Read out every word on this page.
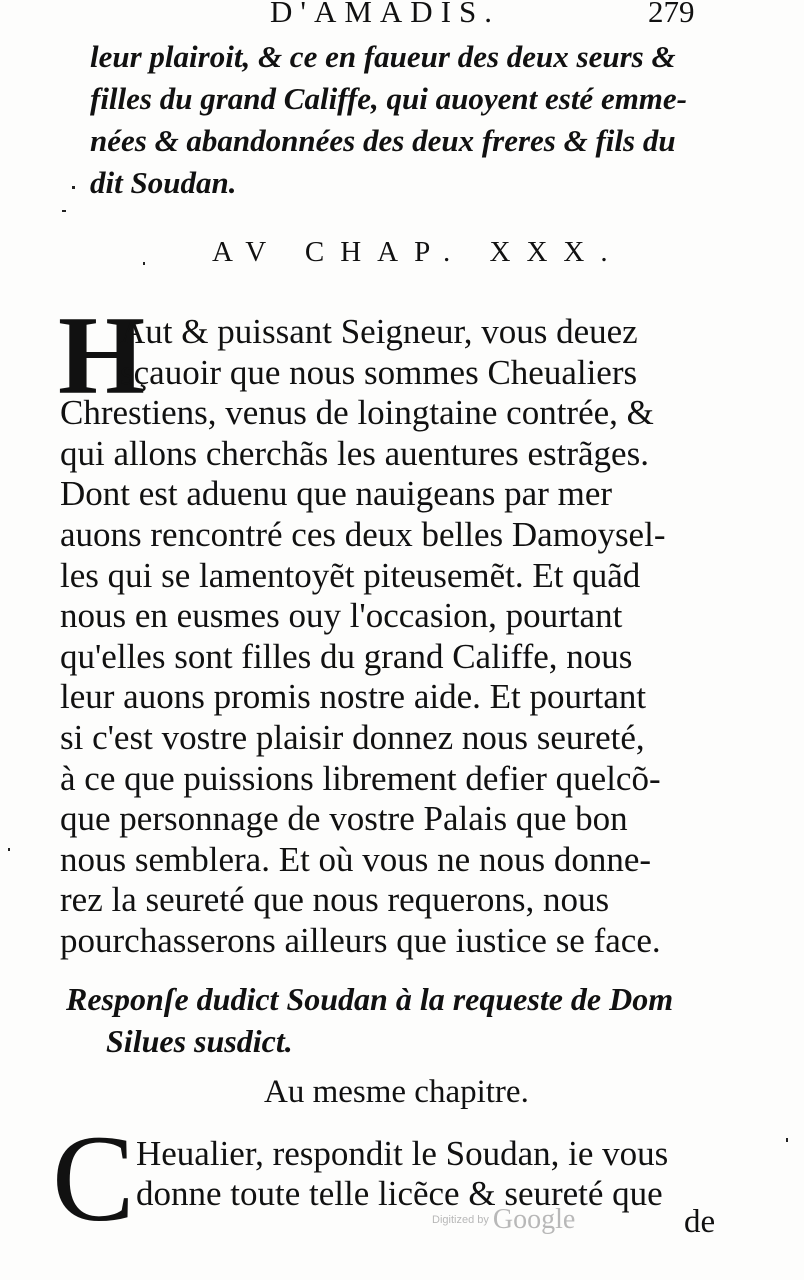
D'AMADIS.	279
leur plairoit, & ce en faueur des deux seurs &
filles du grand Califfe, qui auoyent esté emme-
nées & abandonnées des deux freres & fils du
dit Soudan.
AV CHAP. XXX.
H
Aut & puissant Seigneur, vous deuez
sçauoir que nous sommes Cheualiers
Chrestiens, venus de loingtaine contrée, &
qui allons cherchãs les auentures estrãges.
Dont est aduenu que nauigeans par mer
auons rencontré ces deux belles Damoysel-
les qui se lamentoyẽt piteusemẽt. Et quãd
nous en eusmes ouy l'occasion, pourtant
qu'elles sont filles du grand Califfe, nous
leur auons promis nostre aide. Et pourtant
si c'est vostre plaisir donnez nous seureté,
à ce que puissions librement defier quelcõ-
que personnage de vostre Palais que bon
nous semblera. Et où vous ne nous donne-
rez la seureté que nous requerons, nous
pourchasserons ailleurs que iustice se face.
Responſe dudict Soudan à la requeste de Dom
Silues susdict.
Au mesme chapitre.
C Heualier, respondit le Soudan, ie vous
donne toute telle licẽce & seureté que
Digitized by Google	de
